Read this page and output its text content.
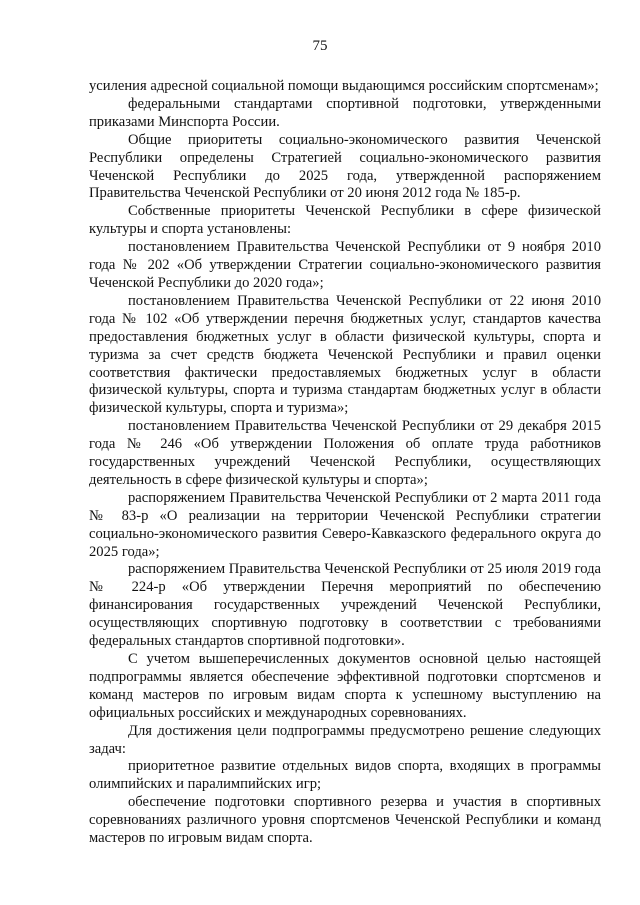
75

усиления адресной социальной помощи выдающимся российским спортсменам»;

федеральными стандартами спортивной подготовки, утвержденными приказами Минспорта России.

Общие приоритеты социально-экономического развития Чеченской Республики определены Стратегией социально-экономического развития Чеченской Республики до 2025 года, утвержденной распоряжением Правительства Чеченской Республики от 20 июня 2012 года № 185-р.

Собственные приоритеты Чеченской Республики в сфере физической культуры и спорта установлены:

постановлением Правительства Чеченской Республики от 9 ноября 2010 года № 202 «Об утверждении Стратегии социально-экономического развития Чеченской Республики до 2020 года»;

постановлением Правительства Чеченской Республики от 22 июня 2010 года № 102 «Об утверждении перечня бюджетных услуг, стандартов качества предоставления бюджетных услуг в области физической культуры, спорта и туризма за счет средств бюджета Чеченской Республики и правил оценки соответствия фактически предоставляемых бюджетных услуг в области физической культуры, спорта и туризма стандартам бюджетных услуг в области физической культуры, спорта и туризма»;

постановлением Правительства Чеченской Республики от 29 декабря 2015 года № 246 «Об утверждении Положения об оплате труда работников государственных учреждений Чеченской Республики, осуществляющих деятельность в сфере физической культуры и спорта»;

распоряжением Правительства Чеченской Республики от 2 марта 2011 года № 83-р «О реализации на территории Чеченской Республики стратегии социально-экономического развития Северо-Кавказского федерального округа до 2025 года»;

распоряжением Правительства Чеченской Республики от 25 июля 2019 года № 224-р «Об утверждении Перечня мероприятий по обеспечению финансирования государственных учреждений Чеченской Республики, осуществляющих спортивную подготовку в соответствии с требованиями федеральных стандартов спортивной подготовки».

С учетом вышеперечисленных документов основной целью настоящей подпрограммы является обеспечение эффективной подготовки спортсменов и команд мастеров по игровым видам спорта к успешному выступлению на официальных российских и международных соревнованиях.

Для достижения цели подпрограммы предусмотрено решение следующих задач:

приоритетное развитие отдельных видов спорта, входящих в программы олимпийских и паралимпийских игр;

обеспечение подготовки спортивного резерва и участия в спортивных соревнованиях различного уровня спортсменов Чеченской Республики и команд мастеров по игровым видам спорта.
